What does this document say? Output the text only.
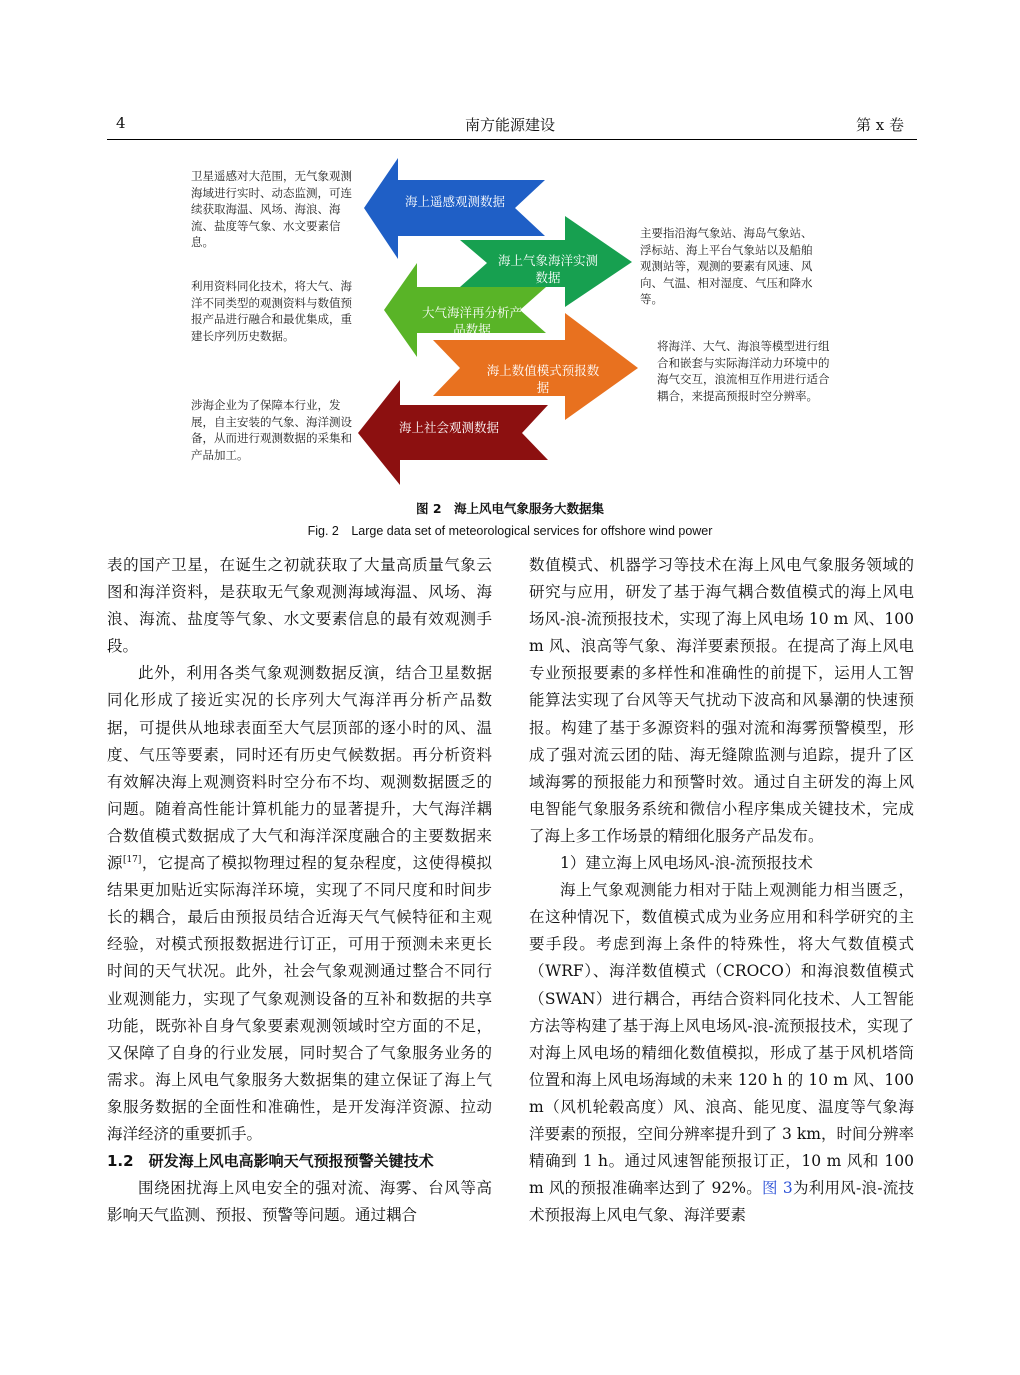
4	南方能源建设	第 x 卷
海上遥感观测数据
海上气象海洋实测数据
大气海洋再分析产品数据
海上数值模式预报数据
海上社会观测数据
卫星遥感对大范围，无气象观测海域进行实时、动态监测，可连续获取海温、风场、海浪、海流、盐度等气象、水文要素信息。
利用资料同化技术，将大气、海洋不同类型的观测资料与数值预报产品进行融合和最优集成，重建长序列历史数据。
涉海企业为了保障本行业，发展，自主安装的气象、海洋测设备，从而进行观测数据的采集和产品加工。
主要指沿海气象站、海岛气象站、浮标站、海上平台气象站以及船舶观测站等，观测的要素有风速、风向、气温、相对湿度、气压和降水等。
将海洋、大气、海浪等模型进行组合和嵌套与实际海洋动力环境中的海气交互，浪流相互作用进行适合耦合，来提高预报时空分辨率。
图 2　海上风电气象服务大数据集
Fig. 2　Large data set of meteorological services for offshore wind power

表的国产卫星，在诞生之初就获取了大量高质量气象云图和海洋资料，是获取无气象观测海域海温、风场、海浪、海流、盐度等气象、水文要素信息的最有效观测手段。

此外，利用各类气象观测数据反演，结合卫星数据同化形成了接近实况的长序列大气海洋再分析产品数据，可提供从地球表面至大气层顶部的逐小时的风、温度、气压等要素，同时还有历史气候数据。再分析资料有效解决海上观测资料时空分布不均、观测数据匮乏的问题。随着高性能计算机能力的显著提升，大气海洋耦合数值模式数据成了大气和海洋深度融合的主要数据来源[17]，它提高了模拟物理过程的复杂程度，这使得模拟结果更加贴近实际海洋环境，实现了不同尺度和时间步长的耦合，最后由预报员结合近海天气气候特征和主观经验，对模式预报数据进行订正，可用于预测未来更长时间的天气状况。此外，社会气象观测通过整合不同行业观测能力，实现了气象观测设备的互补和数据的共享功能，既弥补自身气象要素观测领域时空方面的不足，又保障了自身的行业发展，同时契合了气象服务业务的需求。海上风电气象服务大数据集的建立保证了海上气象服务数据的全面性和准确性，是开发海洋资源、拉动海洋经济的重要抓手。

1.2　研发海上风电高影响天气预报预警关键技术

围绕困扰海上风电安全的强对流、海雾、台风等高影响天气监测、预报、预警等问题。通过耦合

数值模式、机器学习等技术在海上风电气象服务领域的研究与应用，研发了基于海气耦合数值模式的海上风电场风-浪-流预报技术，实现了海上风电场 10 m 风、100 m 风、浪高等气象、海洋要素预报。在提高了海上风电专业预报要素的多样性和准确性的前提下，运用人工智能算法实现了台风等天气扰动下波高和风暴潮的快速预报。构建了基于多源资料的强对流和海雾预警模型，形成了强对流云团的陆、海无缝隙监测与追踪，提升了区域海雾的预报能力和预警时效。通过自主研发的海上风电智能气象服务系统和微信小程序集成关键技术，完成了海上多工作场景的精细化服务产品发布。

1）建立海上风电场风-浪-流预报技术

海上气象观测能力相对于陆上观测能力相当匮乏，在这种情况下，数值模式成为业务应用和科学研究的主要手段。考虑到海上条件的特殊性，将大气数值模式（WRF）、海洋数值模式（CROCO）和海浪数值模式（SWAN）进行耦合，再结合资料同化技术、人工智能方法等构建了基于海上风电场风-浪-流预报技术，实现了对海上风电场的精细化数值模拟，形成了基于风机塔筒位置和海上风电场海域的未来 120 h 的 10 m 风、100 m（风机轮毂高度）风、浪高、能见度、温度等气象海洋要素的预报，空间分辨率提升到了 3 km，时间分辨率精确到 1 h。通过风速智能预报订正，10 m 风和 100 m 风的预报准确率达到了 92%。图 3为利用风-浪-流技术预报海上风电气象、海洋要素
